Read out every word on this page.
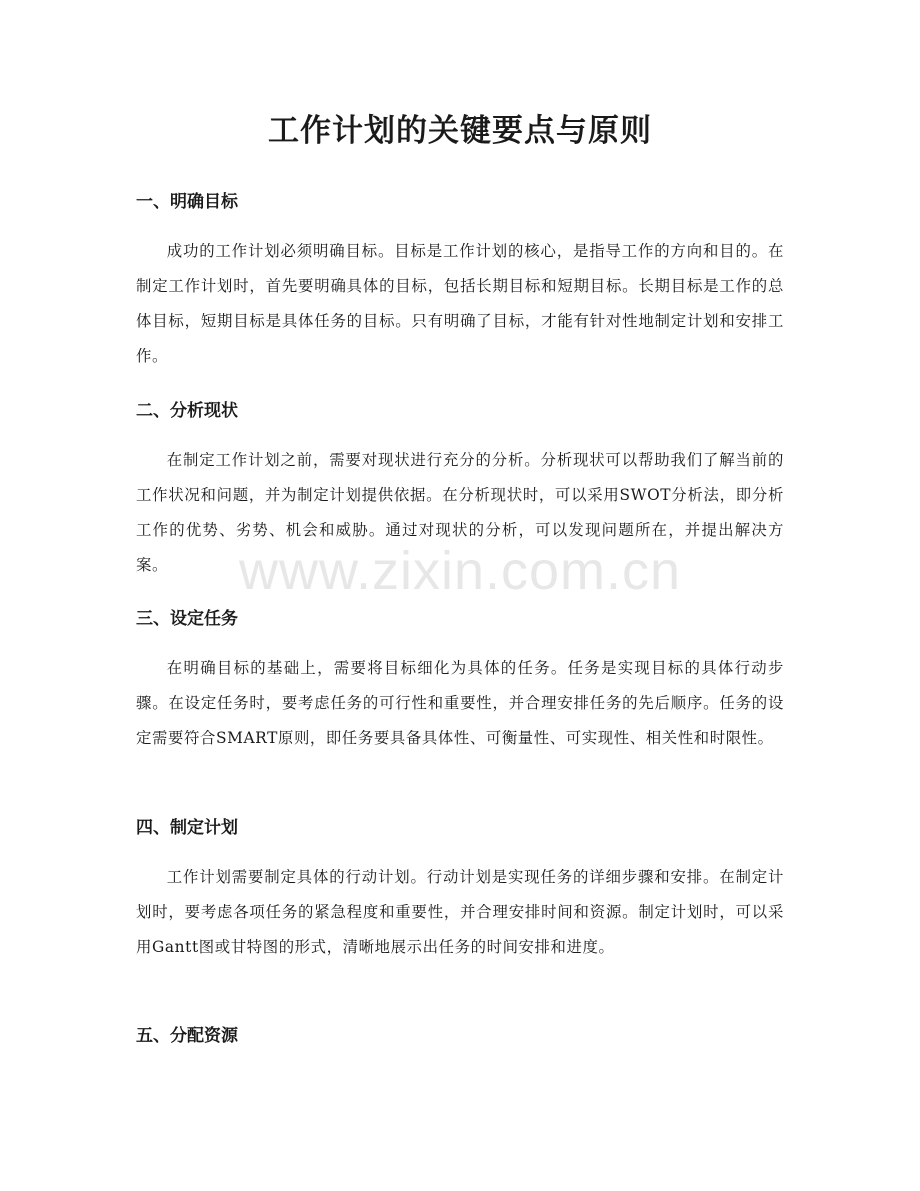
工作计划的关键要点与原则
一、明确目标

成功的工作计划必须明确目标。目标是工作计划的核心，是指导工作的方向和目的。在制定工作计划时，首先要明确具体的目标，包括长期目标和短期目标。长期目标是工作的总体目标，短期目标是具体任务的目标。只有明确了目标，才能有针对性地制定计划和安排工作。

二、分析现状

在制定工作计划之前，需要对现状进行充分的分析。分析现状可以帮助我们了解当前的工作状况和问题，并为制定计划提供依据。在分析现状时，可以采用SWOT分析法，即分析工作的优势、劣势、机会和威胁。通过对现状的分析，可以发现问题所在，并提出解决方案。

三、设定任务

在明确目标的基础上，需要将目标细化为具体的任务。任务是实现目标的具体行动步骤。在设定任务时，要考虑任务的可行性和重要性，并合理安排任务的先后顺序。任务的设定需要符合SMART原则，即任务要具备具体性、可衡量性、可实现性、相关性和时限性。

四、制定计划

工作计划需要制定具体的行动计划。行动计划是实现任务的详细步骤和安排。在制定计划时，要考虑各项任务的紧急程度和重要性，并合理安排时间和资源。制定计划时，可以采用Gantt图或甘特图的形式，清晰地展示出任务的时间安排和进度。

五、分配资源
www.zixin.com.cn
